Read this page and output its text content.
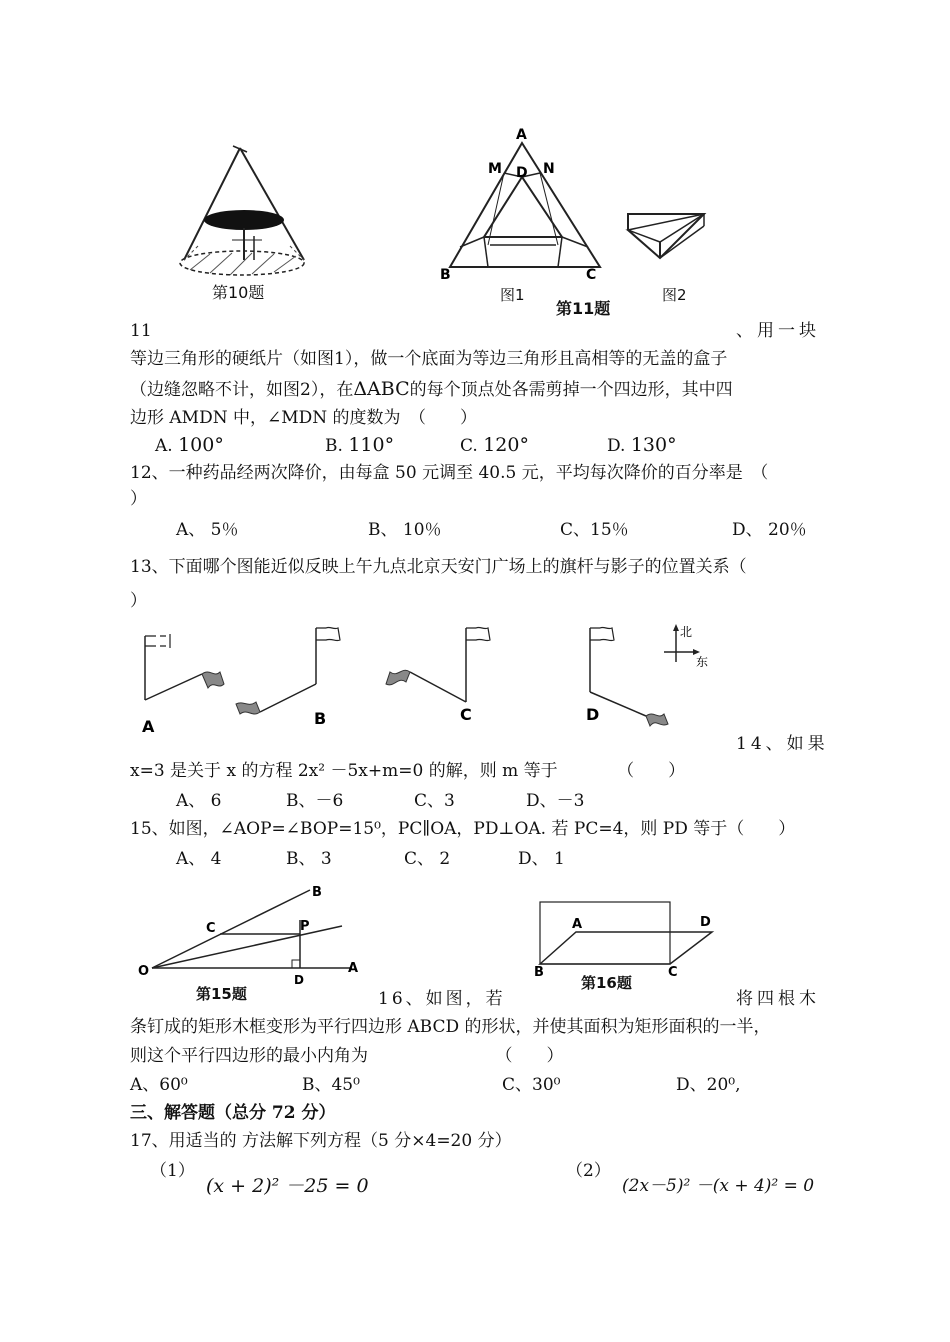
第10题
A
M	N
D
B	C
图1
第11题
图2
11	、用一块
等边三角形的硬纸片（如图1），做一个底面为等边三角形且高相等的无盖的盒子
（边缝忽略不计，如图2），在ΔABC的每个顶点处各需剪掉一个四边形，其中四
边形 AMDN 中，∠MDN 的度数为　（　　）
A. 100°	B. 110°	C. 120°	D. 130°
12、一种药品经两次降价，由每盒 50 元调至 40.5 元，平均每次降价的百分率是　（
）
A、 5％	B、 10％	C、15％	D、 20％
13、下面哪个图能近似反映上午九点北京天安门广场上的旗杆与影子的位置关系（
）
A	B	C	D
北
东
14、如果
x=3 是关于 x 的方程 2x² －5x+m=0 的解，则 m 等于　　　　（　　）
A、 6	B、－6	C、3	D、－3
15、如图，∠AOP=∠BOP=15⁰，PC∥OA，PD⊥OA. 若 PC=4，则 PD 等于（　　）
A、 4	B、 3	C、 2	D、 1
B
C	P
O
D
A
第15题
A	D
B	C
第16题
16、如图，若	将四根木
条钉成的矩形木框变形为平行四边形 ABCD 的形状，并使其面积为矩形面积的一半，
则这个平行四边形的最小内角为　　　　　　　　（　　）
A、60⁰	B、45⁰	C、30⁰	D、20⁰,
三、解答题（总分 72 分）
17、用适当的 方法解下列方程（5 分×4=20 分）
（1）
(x + 2)² －25 = 0
（2）
(2x－5)² －(x + 4)² = 0
